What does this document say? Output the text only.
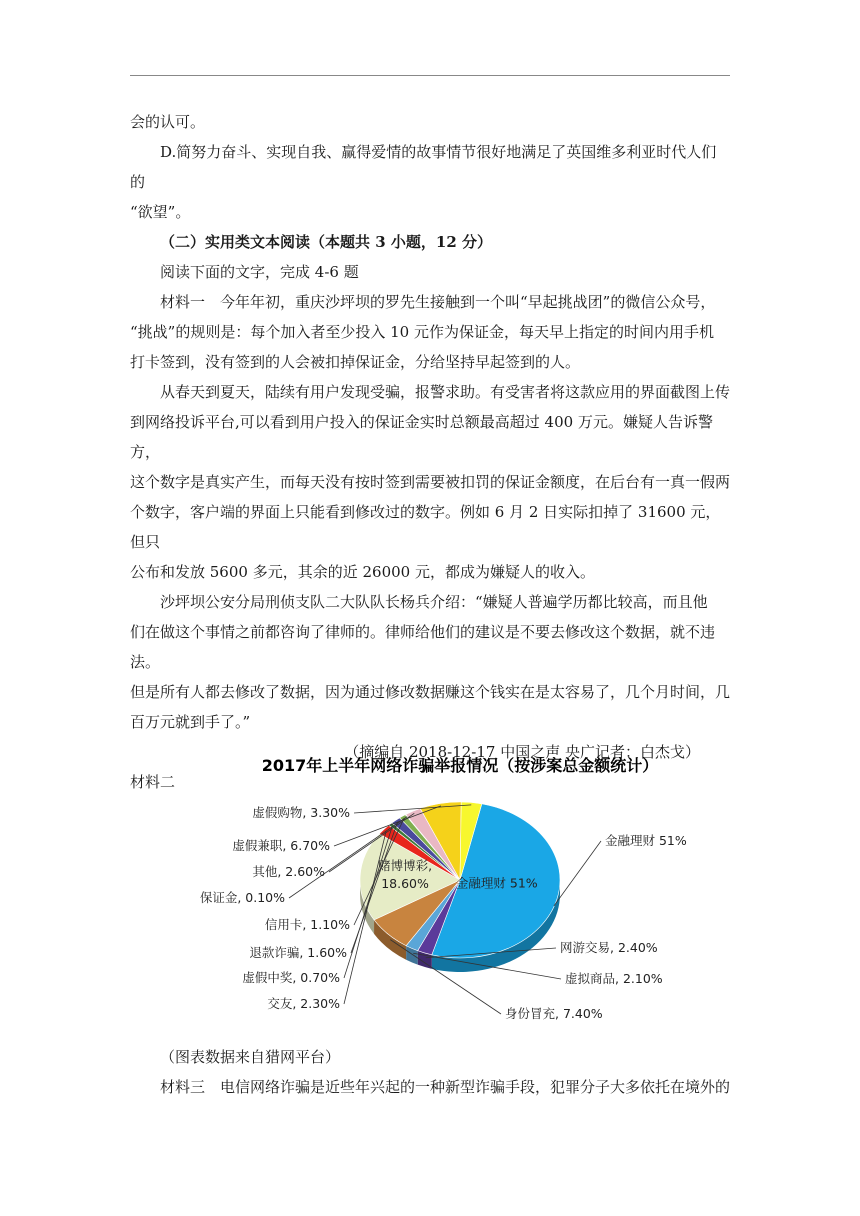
会的认可。

D.简努力奋斗、实现自我、赢得爱情的故事情节很好地满足了英国维多利亚时代人们的

“欲望”。

（二）实用类文本阅读（本题共 3 小题，12 分）

阅读下面的文字，完成 4-6 题

材料一　今年年初，重庆沙坪坝的罗先生接触到一个叫“早起挑战团”的微信公众号，

“挑战”的规则是：每个加入者至少投入 10 元作为保证金，每天早上指定的时间内用手机

打卡签到，没有签到的人会被扣掉保证金，分给坚持早起签到的人。

从春天到夏天，陆续有用户发现受骗，报警求助。有受害者将这款应用的界面截图上传

到网络投诉平台,可以看到用户投入的保证金实时总额最高超过 400 万元。嫌疑人告诉警方，

这个数字是真实产生，而每天没有按时签到需要被扣罚的保证金额度，在后台有一真一假两

个数字，客户端的界面上只能看到修改过的数字。例如 6 月 2 日实际扣掉了 31600 元，但只

公布和发放 5600 多元，其余的近 26000 元，都成为嫌疑人的收入。

沙坪坝公安分局刑侦支队二大队队长杨兵介绍：“嫌疑人普遍学历都比较高，而且他

们在做这个事情之前都咨询了律师的。律师给他们的建议是不要去修改这个数据，就不违法。

但是所有人都去修改了数据，因为通过修改数据赚这个钱实在是太容易了，几个月时间，几

百万元就到手了。”

（摘编自 2018-12-17 中国之声 央广记者：白杰戈）

材料二

2017年上半年网络诈骗举报情况（按涉案总金额统计）
金融理财 51%
赌博博彩, 18.60%
金融理财 51%
网游交易, 2.40%
虚拟商品, 2.10%
身份冒充, 7.40%
交友, 2.30%
虚假中奖, 0.70%
退款诈骗, 1.60%
信用卡, 1.10%
保证金, 0.10%
其他, 2.60%
虚假兼职, 6.70%
虚假购物, 3.30%

（图表数据来自猎网平台）

材料三　电信网络诈骗是近些年兴起的一种新型诈骗手段，犯罪分子大多依托在境外的
